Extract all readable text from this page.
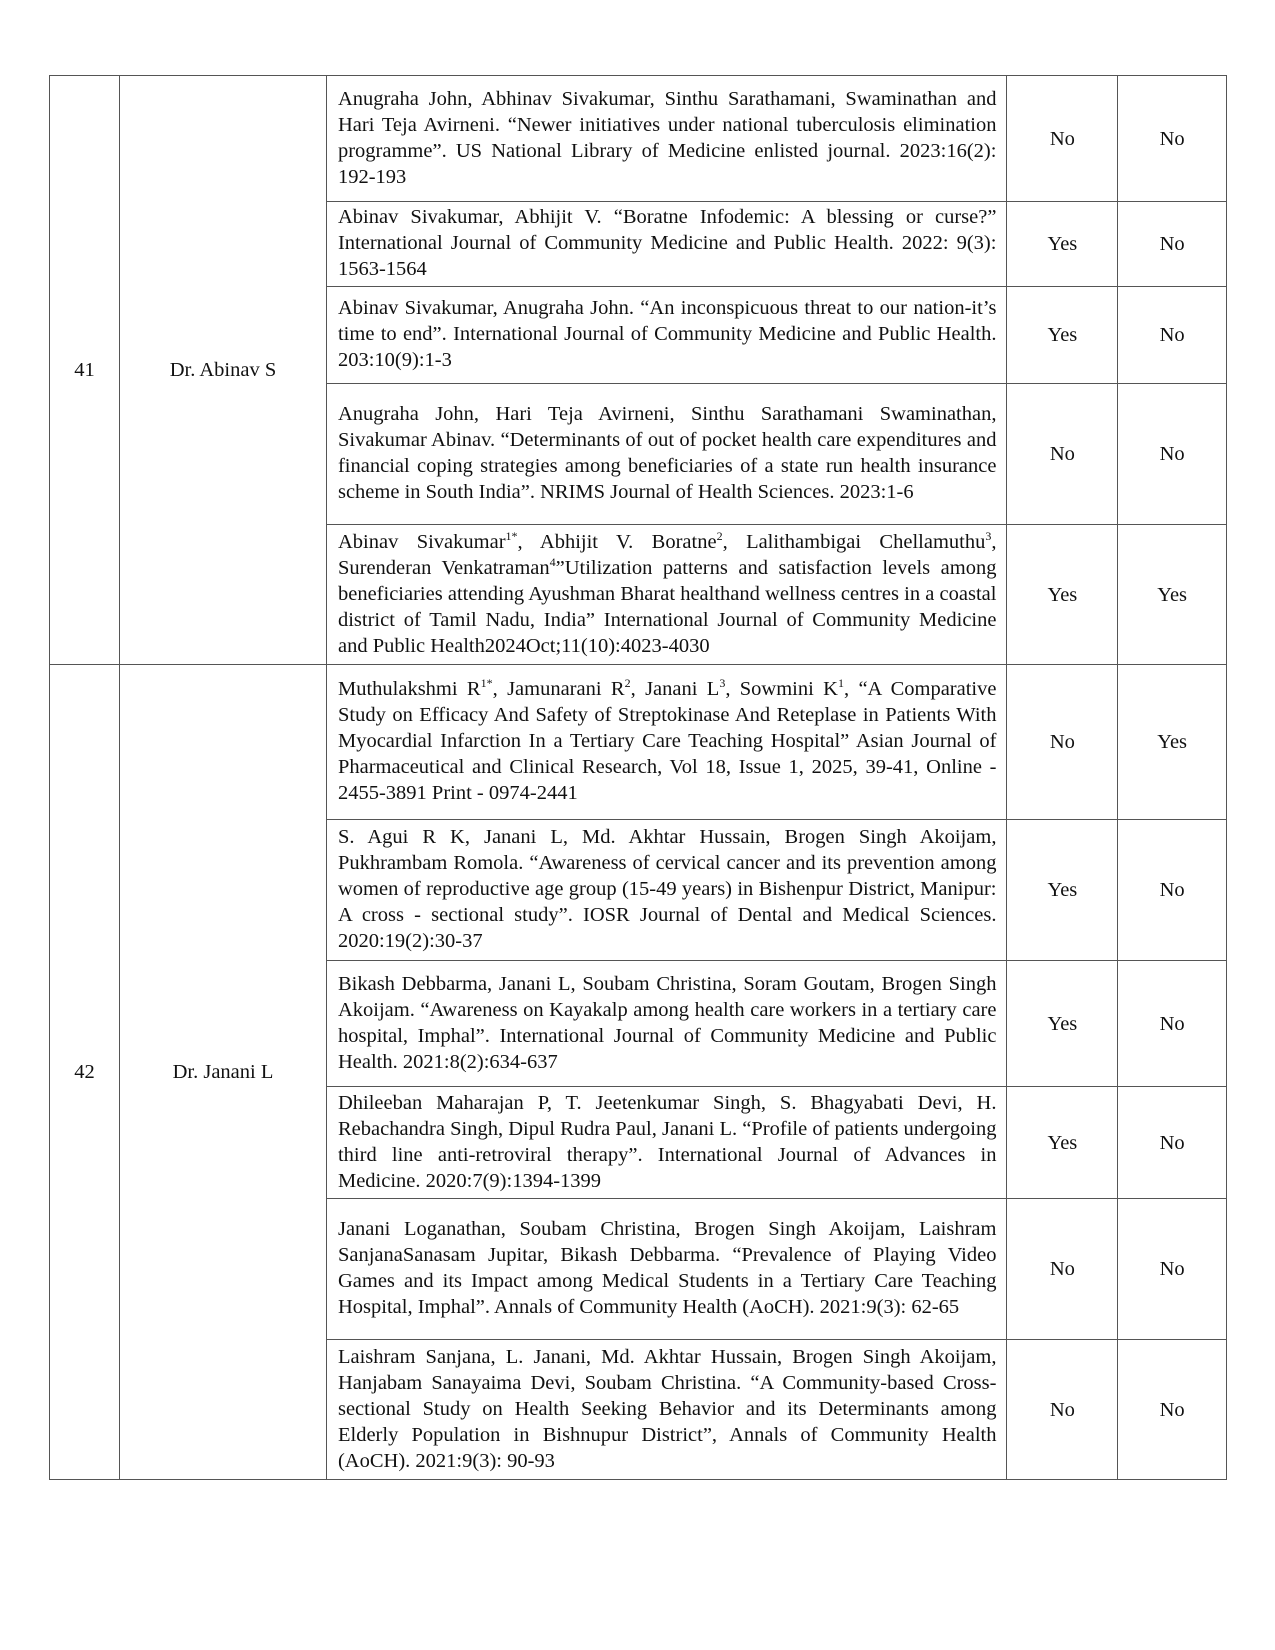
41	Dr. Abinav S	Anugraha John, Abhinav Sivakumar, Sinthu Sarathamani, Swaminathan and Hari Teja Avirneni. “Newer initiatives under national tuberculosis elimination programme”. US National Library of Medicine enlisted journal. 2023:16(2): 192-193	No	No
		Abinav Sivakumar, Abhijit V. “Boratne Infodemic: A blessing or curse?” International Journal of Community Medicine and Public Health. 2022: 9(3): 1563-1564	Yes	No
		Abinav Sivakumar, Anugraha John. “An inconspicuous threat to our nation-it’s time to end”. International Journal of Community Medicine and Public Health. 203:10(9):1-3	Yes	No
		Anugraha John, Hari Teja Avirneni, Sinthu Sarathamani Swaminathan, Sivakumar Abinav. “Determinants of out of pocket health care expenditures and financial coping strategies among beneficiaries of a state run health insurance scheme in South India”. NRIMS Journal of Health Sciences. 2023:1-6	No	No
		Abinav Sivakumar$^{1*}$, Abhijit V. Boratne$^2$, Lalithambigai Chellamuthu$^3$, Surenderan Venkatraman$^4$”Utilization patterns and satisfaction levels among beneficiaries attending Ayushman Bharat healthand wellness centres in a coastal district of Tamil Nadu, India” International Journal of Community Medicine and Public Health2024Oct;11(10):4023-4030	Yes	Yes
42	Dr. Janani L	Muthulakshmi $R^{1*}$, Jamunarani $R^2$, Janani $L^3$, Sowmini $K^1$, “A Comparative Study on Efficacy And Safety of Streptokinase And Reteplase in Patients With Myocardial Infarction In a Tertiary Care Teaching Hospital” Asian Journal of Pharmaceutical and Clinical Research, Vol 18, Issue 1, 2025, 39-41, Online - 2455-3891 Print - 0974-2441	No	Yes
		S. Agui R K, Janani L, Md. Akhtar Hussain, Brogen Singh Akoijam, Pukhrambam Romola. “Awareness of cervical cancer and its prevention among women of reproductive age group (15-49 years) in Bishenpur District, Manipur: A cross - sectional study”. IOSR Journal of Dental and Medical Sciences. 2020:19(2):30-37	Yes	No
		Bikash Debbarma, Janani L, Soubam Christina, Soram Goutam, Brogen Singh Akoijam. “Awareness on Kayakalp among health care workers in a tertiary care hospital, Imphal”. International Journal of Community Medicine and Public Health. 2021:8(2):634-637	Yes	No
		Dhileeban Maharajan P, T. Jeetenkumar Singh, S. Bhagyabati Devi, H. Rebachandra Singh, Dipul Rudra Paul, Janani L. “Profile of patients undergoing third line anti-retroviral therapy”. International Journal of Advances in Medicine. 2020:7(9):1394-1399	Yes	No
		Janani Loganathan, Soubam Christina, Brogen Singh Akoijam, Laishram SanjanaSanasam Jupitar, Bikash Debbarma. “Prevalence of Playing Video Games and its Impact among Medical Students in a Tertiary Care Teaching Hospital, Imphal”. Annals of Community Health (AoCH). 2021:9(3): 62-65	No	No
		Laishram Sanjana, L. Janani, Md. Akhtar Hussain, Brogen Singh Akoijam, Hanjabam Sanayaima Devi, Soubam Christina. “A Community-based Cross-sectional Study on Health Seeking Behavior and its Determinants among Elderly Population in Bishnupur District”, Annals of Community Health (AoCH). 2021:9(3): 90-93	No	No
